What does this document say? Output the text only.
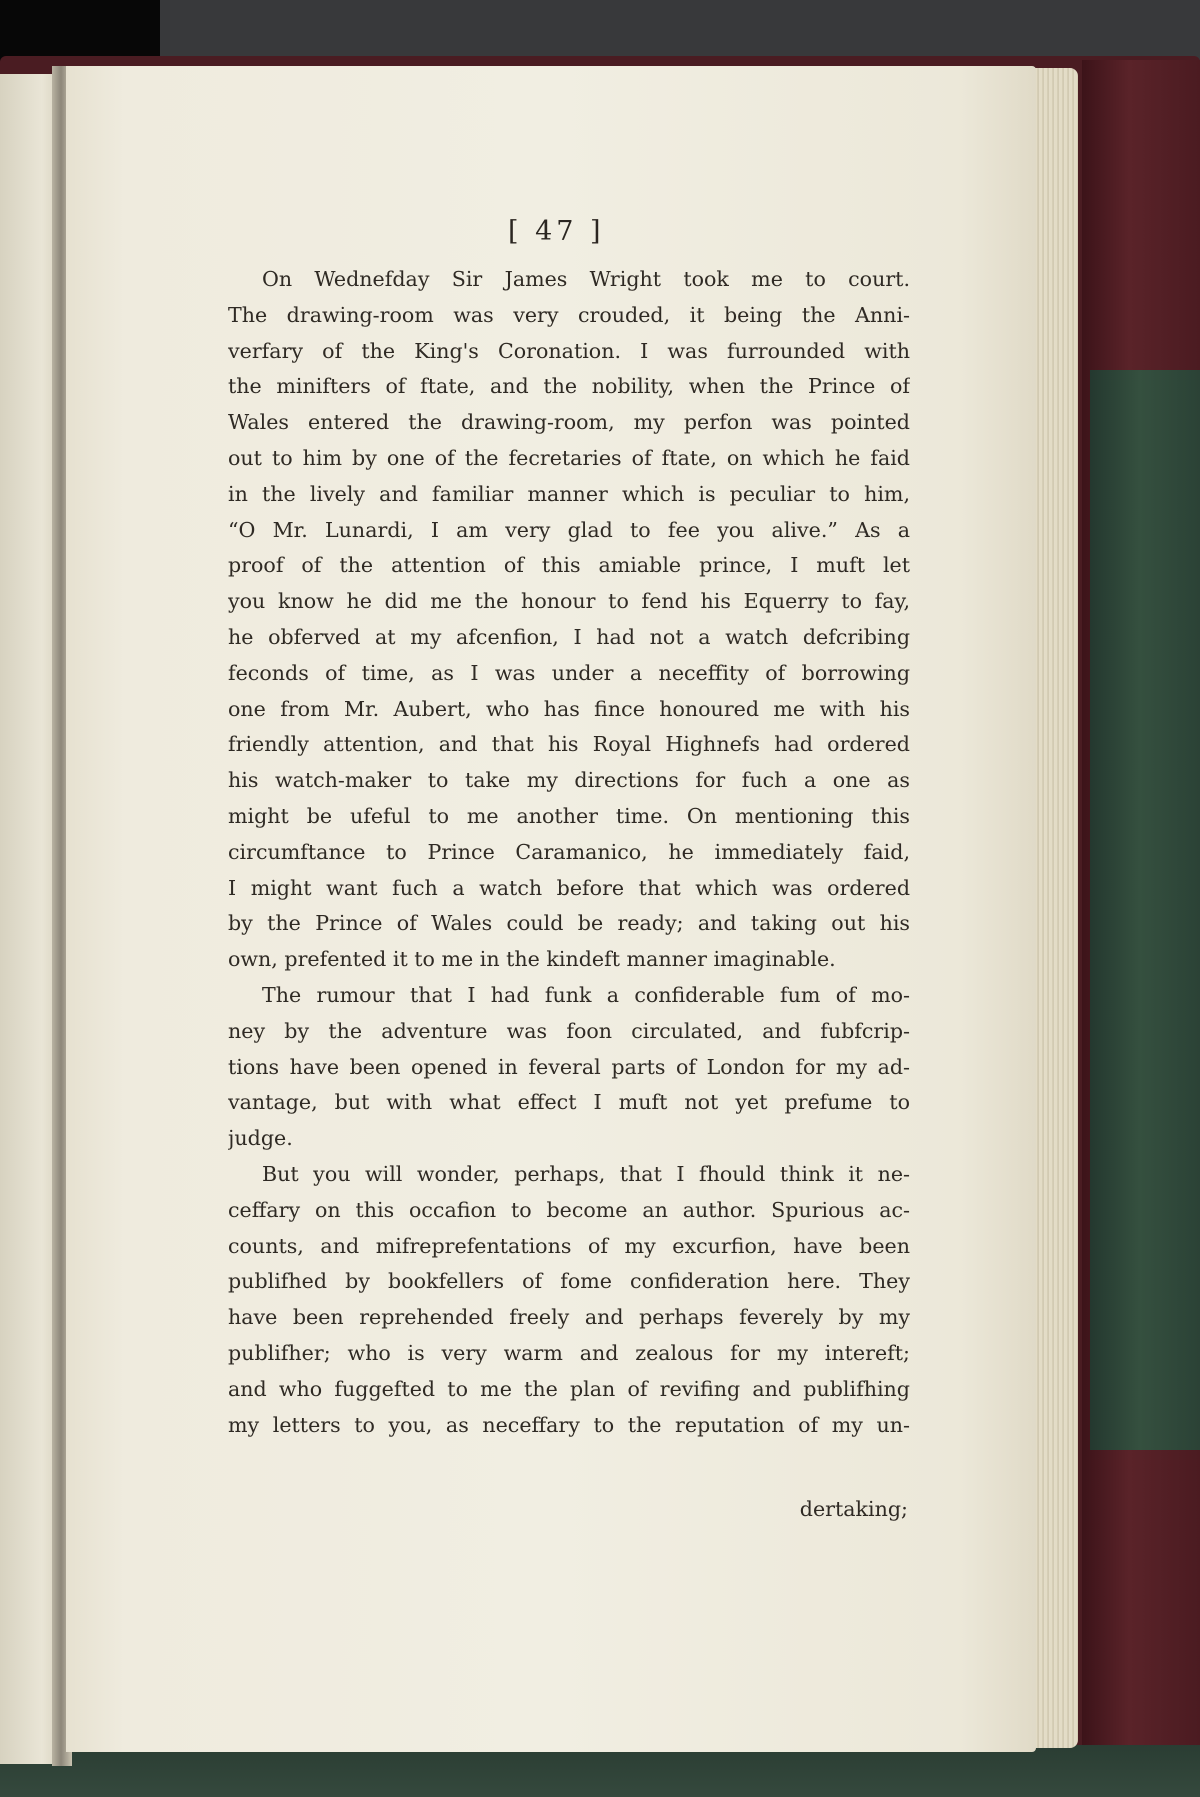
[ 47 ]
On Wednefday Sir James Wright took me to court.
The drawing-room was very crouded, it being the Anni-
verfary of the King's Coronation. I was furrounded with
the minifters of ftate, and the nobility, when the Prince of
Wales entered the drawing-room, my perfon was pointed
out to him by one of the fecretaries of ftate, on which he faid
in the lively and familiar manner which is peculiar to him,
“O Mr. Lunardi, I am very glad to fee you alive.” As a
proof of the attention of this amiable prince, I muft let
you know he did me the honour to fend his Equerry to fay,
he obferved at my afcenfion, I had not a watch defcribing
feconds of time, as I was under a neceffity of borrowing
one from Mr. Aubert, who has fince honoured me with his
friendly attention, and that his Royal Highnefs had ordered
his watch-maker to take my directions for fuch a one as
might be ufeful to me another time. On mentioning this
circumftance to Prince Caramanico, he immediately faid,
I might want fuch a watch before that which was ordered
by the Prince of Wales could be ready; and taking out his
own, prefented it to me in the kindeft manner imaginable.
The rumour that I had funk a confiderable fum of mo-
ney by the adventure was foon circulated, and fubfcrip-
tions have been opened in feveral parts of London for my ad-
vantage, but with what effect I muft not yet prefume to
judge.
But you will wonder, perhaps, that I fhould think it ne-
ceffary on this occafion to become an author. Spurious ac-
counts, and mifreprefentations of my excurfion, have been
publifhed by bookfellers of fome confideration here. They
have been reprehended freely and perhaps feverely by my
publifher; who is very warm and zealous for my intereft;
and who fuggefted to me the plan of revifing and publifhing
my letters to you, as neceffary to the reputation of my un-
dertaking;
